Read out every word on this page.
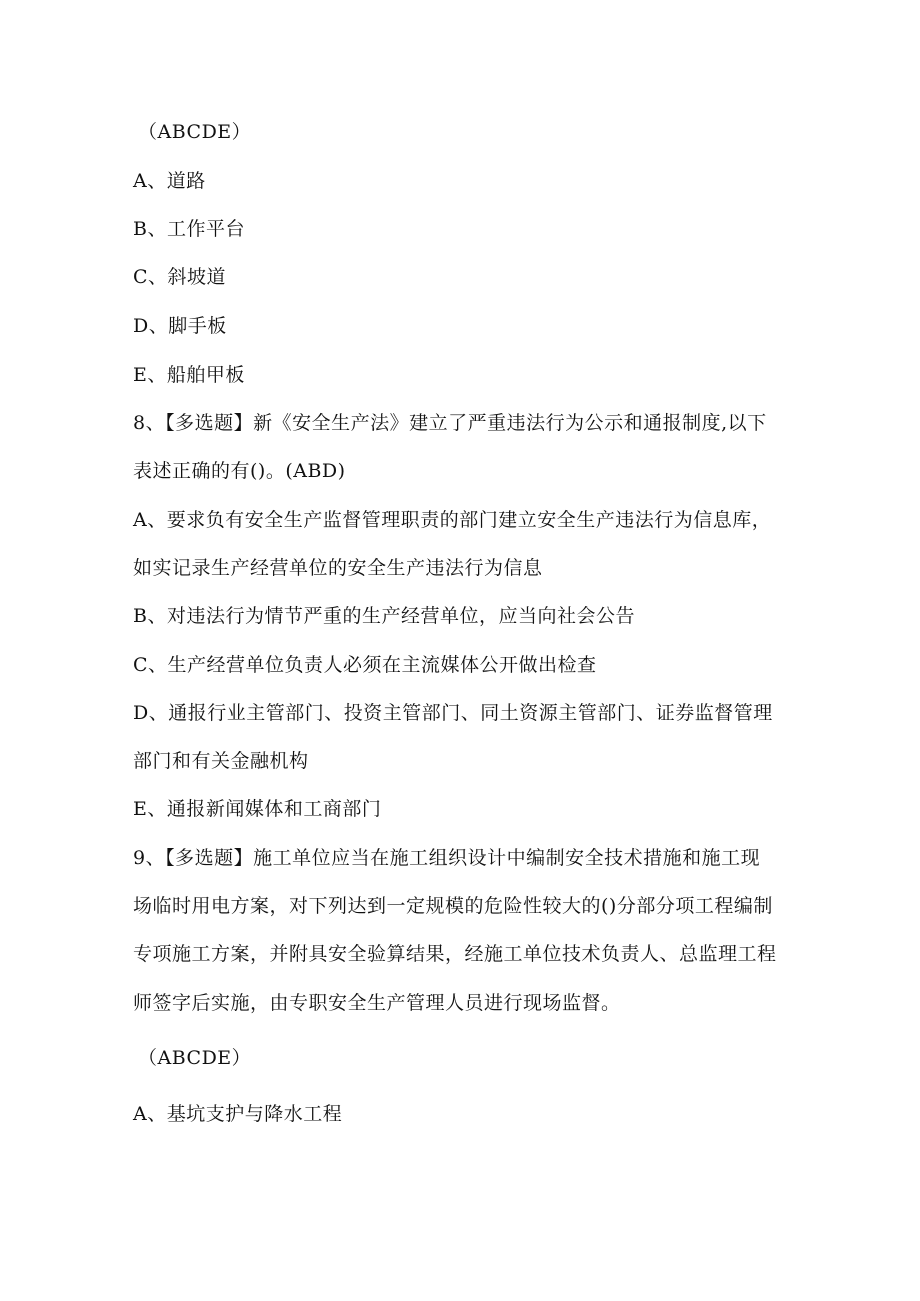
（ABCDE）
A、道路
B、工作平台
C、斜坡道
D、脚手板
E、船舶甲板
8、【多选题】新《安全生产法》建立了严重违法行为公示和通报制度,以下
表述正确的有()。(ABD)
A、要求负有安全生产监督管理职责的部门建立安全生产违法行为信息库，
如实记录生产经营单位的安全生产违法行为信息
B、对违法行为情节严重的生产经营单位，应当向社会公告
C、生产经营单位负责人必须在主流媒体公开做出检查
D、通报行业主管部门、投资主管部门、同土资源主管部门、证券监督管理
部门和有关金融机构
E、通报新闻媒体和工商部门
9、【多选题】施工单位应当在施工组织设计中编制安全技术措施和施工现
场临时用电方案，对下列达到一定规模的危险性较大的()分部分项工程编制
专项施工方案，并附具安全验算结果，经施工单位技术负责人、总监理工程
师签字后实施，由专职安全生产管理人员进行现场监督。
（ABCDE）
A、基坑支护与降水工程
